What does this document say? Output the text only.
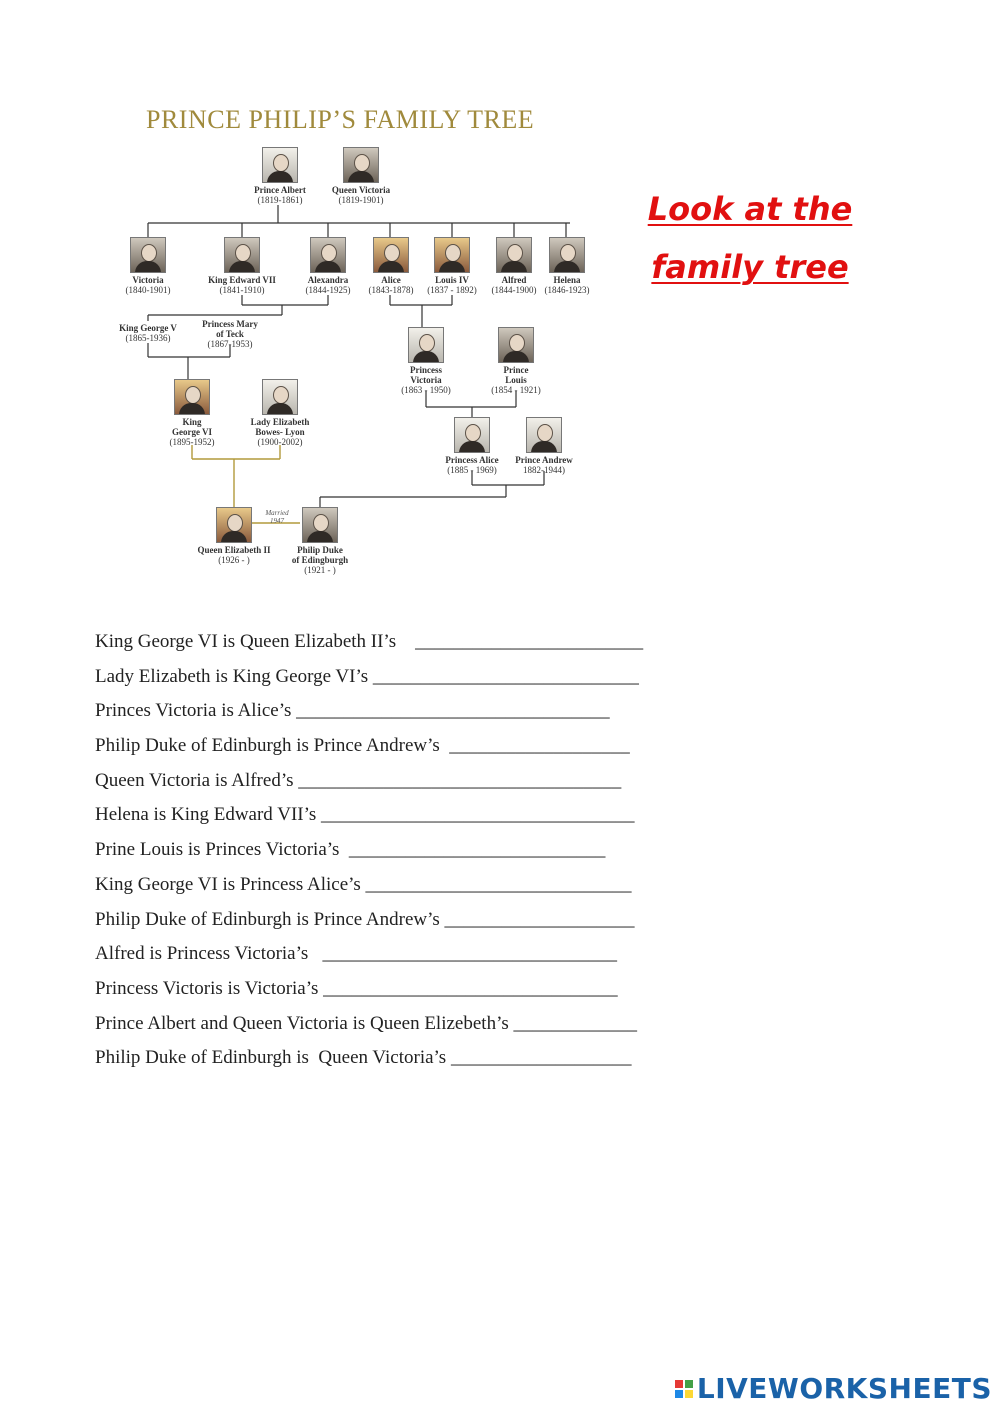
PRINCE PHILIP’S FAMILY TREE
Prince Albert
(1819-1861)
Queen Victoria
(1819-1901)
Victoria
(1840-1901)
King Edward VII
(1841-1910)
Alexandra
(1844-1925)
Alice
(1843-1878)
Louis IV
(1837 - 1892)
Alfred
(1844-1900)
Helena
(1846-1923)
King George V
(1865-1936)
Princess Mary
of Teck
(1867-1953)
Princess
Victoria
(1863 - 1950)
Prince
Louis
(1854 - 1921)
King
George VI
(1895-1952)
Lady Elizabeth
Bowes- Lyon
(1900-2002)
Princess Alice
(1885 - 1969)
Prince Andrew
1882-1944)
Queen Elizabeth II
(1926 - )
Philip Duke
of Edingburgh
(1921 - )
Married
1947
Look at the
family tree
King George VI is Queen Elizabeth II’s    ________________________
Lady Elizabeth is King George VI’s ____________________________
Princes Victoria is Alice’s _________________________________
Philip Duke of Edinburgh is Prince Andrew’s  ___________________
Queen Victoria is Alfred’s __________________________________
Helena is King Edward VII’s _________________________________
Prine Louis is Princes Victoria’s  ___________________________
King George VI is Princess Alice’s ____________________________
Philip Duke of Edinburgh is Prince Andrew’s ____________________
Alfred is Princess Victoria’s   _______________________________
Princess Victoris is Victoria’s _______________________________
Prince Albert and Queen Victoria is Queen Elizebeth’s _____________
Philip Duke of Edinburgh is  Queen Victoria’s ___________________
LIVEWORKSHEETS
